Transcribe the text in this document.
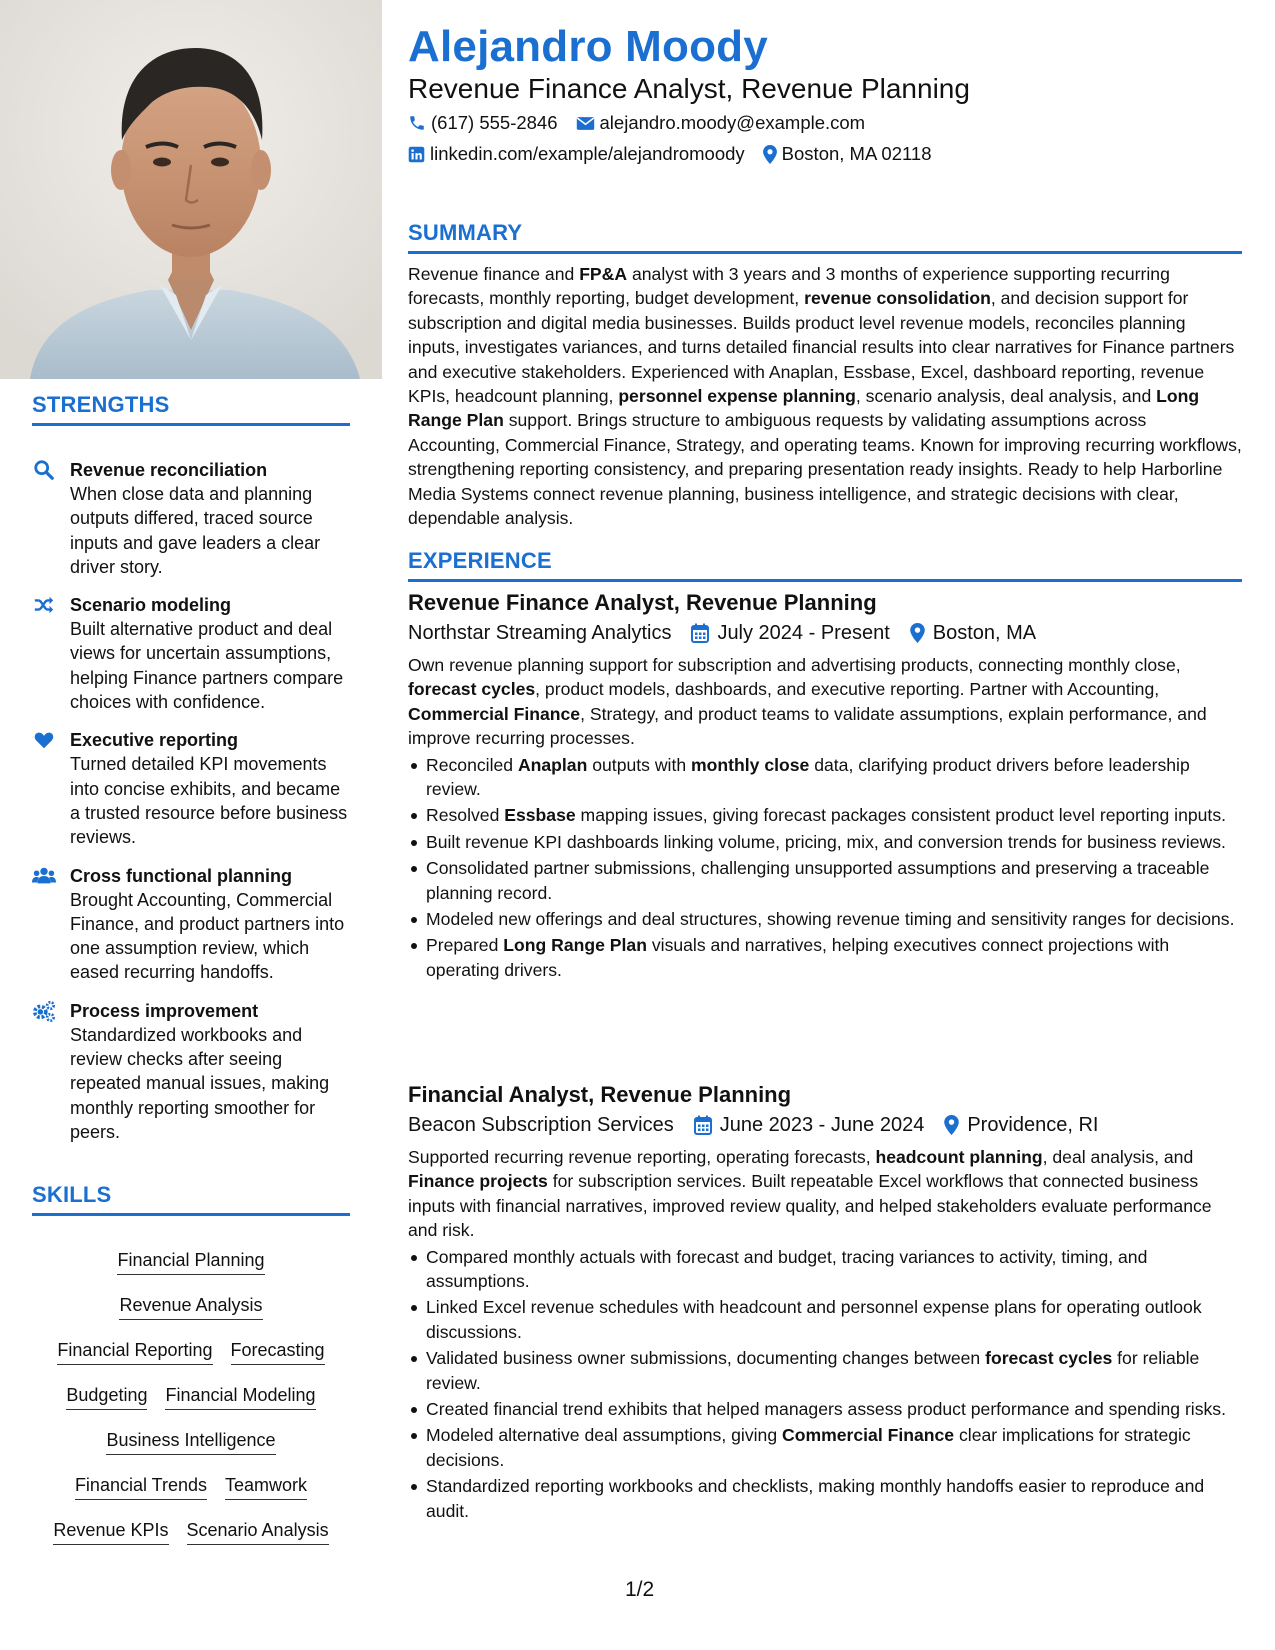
STRENGTHS
Revenue reconciliation
When close data and planning outputs differed, traced source inputs and gave leaders a clear driver story.
Scenario modeling
Built alternative product and deal views for uncertain assumptions, helping Finance partners compare choices with confidence.
Executive reporting
Turned detailed KPI movements into concise exhibits, and became a trusted resource before business reviews.
Cross functional planning
Brought Accounting, Commercial Finance, and product partners into one assumption review, which eased recurring handoffs.
Process improvement
Standardized workbooks and review checks after seeing repeated manual issues, making monthly reporting smoother for peers.
SKILLS
Financial Planning
Revenue Analysis
Financial Reporting Forecasting
Budgeting Financial Modeling
Business Intelligence
Financial Trends Teamwork
Revenue KPIs Scenario Analysis
Alejandro Moody
Revenue Finance Analyst, Revenue Planning
(617) 555-2846 alejandro.moody@example.com
linkedin.com/example/alejandromoody Boston, MA 02118
SUMMARY
Revenue finance and FP&A analyst with 3 years and 3 months of experience supporting recurring forecasts, monthly reporting, budget development, revenue consolidation, and decision support for subscription and digital media businesses. Builds product level revenue models, reconciles planning inputs, investigates variances, and turns detailed financial results into clear narratives for Finance partners and executive stakeholders. Experienced with Anaplan, Essbase, Excel, dashboard reporting, revenue KPIs, headcount planning, personnel expense planning, scenario analysis, deal analysis, and Long Range Plan support. Brings structure to ambiguous requests by validating assumptions across Accounting, Commercial Finance, Strategy, and operating teams. Known for improving recurring workflows, strengthening reporting consistency, and preparing presentation ready insights. Ready to help Harborline Media Systems connect revenue planning, business intelligence, and strategic decisions with clear, dependable analysis.
EXPERIENCE
Revenue Finance Analyst, Revenue Planning
Northstar Streaming Analytics July 2024 - Present Boston, MA
Own revenue planning support for subscription and advertising products, connecting monthly close, forecast cycles, product models, dashboards, and executive reporting. Partner with Accounting, Commercial Finance, Strategy, and product teams to validate assumptions, explain performance, and improve recurring processes.
Reconciled Anaplan outputs with monthly close data, clarifying product drivers before leadership review.
Resolved Essbase mapping issues, giving forecast packages consistent product level reporting inputs.
Built revenue KPI dashboards linking volume, pricing, mix, and conversion trends for business reviews.
Consolidated partner submissions, challenging unsupported assumptions and preserving a traceable planning record.
Modeled new offerings and deal structures, showing revenue timing and sensitivity ranges for decisions.
Prepared Long Range Plan visuals and narratives, helping executives connect projections with operating drivers.
Financial Analyst, Revenue Planning
Beacon Subscription Services June 2023 - June 2024 Providence, RI
Supported recurring revenue reporting, operating forecasts, headcount planning, deal analysis, and Finance projects for subscription services. Built repeatable Excel workflows that connected business inputs with financial narratives, improved review quality, and helped stakeholders evaluate performance and risk.
Compared monthly actuals with forecast and budget, tracing variances to activity, timing, and assumptions.
Linked Excel revenue schedules with headcount and personnel expense plans for operating outlook discussions.
Validated business owner submissions, documenting changes between forecast cycles for reliable review.
Created financial trend exhibits that helped managers assess product performance and spending risks.
Modeled alternative deal assumptions, giving Commercial Finance clear implications for strategic decisions.
Standardized reporting workbooks and checklists, making monthly handoffs easier to reproduce and audit.
1/2
